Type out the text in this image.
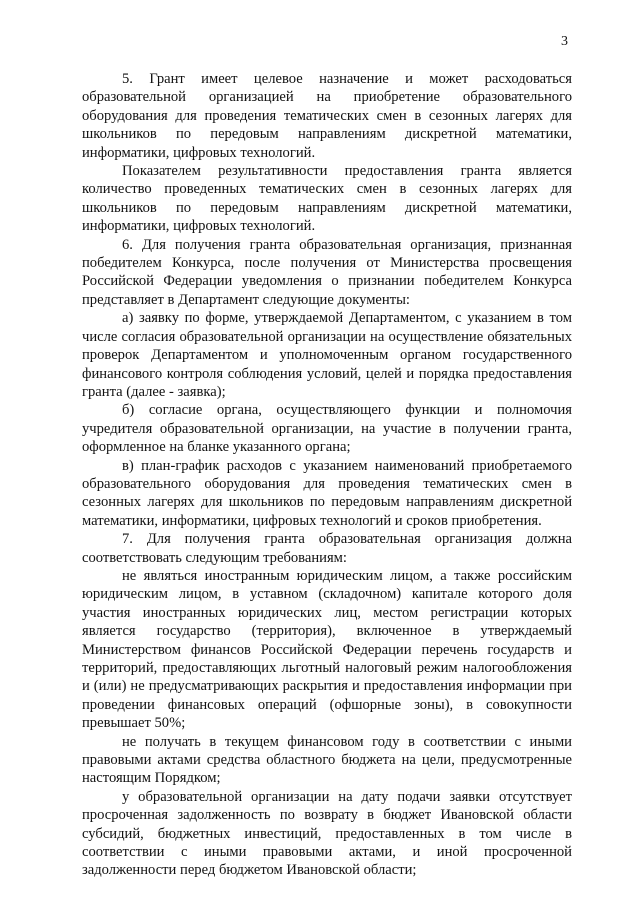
3

5. Грант имеет целевое назначение и может расходоваться образовательной организацией на приобретение образовательного оборудования для проведения тематических смен в сезонных лагерях для школьников по передовым направлениям дискретной математики, информатики, цифровых технологий.

Показателем результативности предоставления гранта является количество проведенных тематических смен в сезонных лагерях для школьников по передовым направлениям дискретной математики, информатики, цифровых технологий.

6. Для получения гранта образовательная организация, признанная победителем Конкурса, после получения от Министерства просвещения Российской Федерации уведомления о признании победителем Конкурса представляет в Департамент следующие документы:

а) заявку по форме, утверждаемой Департаментом, с указанием в том числе согласия образовательной организации на осуществление обязательных проверок Департаментом и уполномоченным органом государственного финансового контроля соблюдения условий, целей и порядка предоставления гранта (далее - заявка);

б) согласие органа, осуществляющего функции и полномочия учредителя образовательной организации, на участие в получении гранта, оформленное на бланке указанного органа;

в) план-график расходов с указанием наименований приобретаемого образовательного оборудования для проведения тематических смен в сезонных лагерях для школьников по передовым направлениям дискретной математики, информатики, цифровых технологий и сроков приобретения.

7. Для получения гранта образовательная организация должна соответствовать следующим требованиям:

не являться иностранным юридическим лицом, а также российским юридическим лицом, в уставном (складочном) капитале которого доля участия иностранных юридических лиц, местом регистрации которых является государство (территория), включенное в утверждаемый Министерством финансов Российской Федерации перечень государств и территорий, предоставляющих льготный налоговый режим налогообложения и (или) не предусматривающих раскрытия и предоставления информации при проведении финансовых операций (офшорные зоны), в совокупности превышает 50%;

не получать в текущем финансовом году в соответствии с иными правовыми актами средства областного бюджета на цели, предусмотренные настоящим Порядком;

у образовательной организации на дату подачи заявки отсутствует просроченная задолженность по возврату в бюджет Ивановской области субсидий, бюджетных инвестиций, предоставленных в том числе в соответствии с иными правовыми актами, и иной просроченной задолженности перед бюджетом Ивановской области;
